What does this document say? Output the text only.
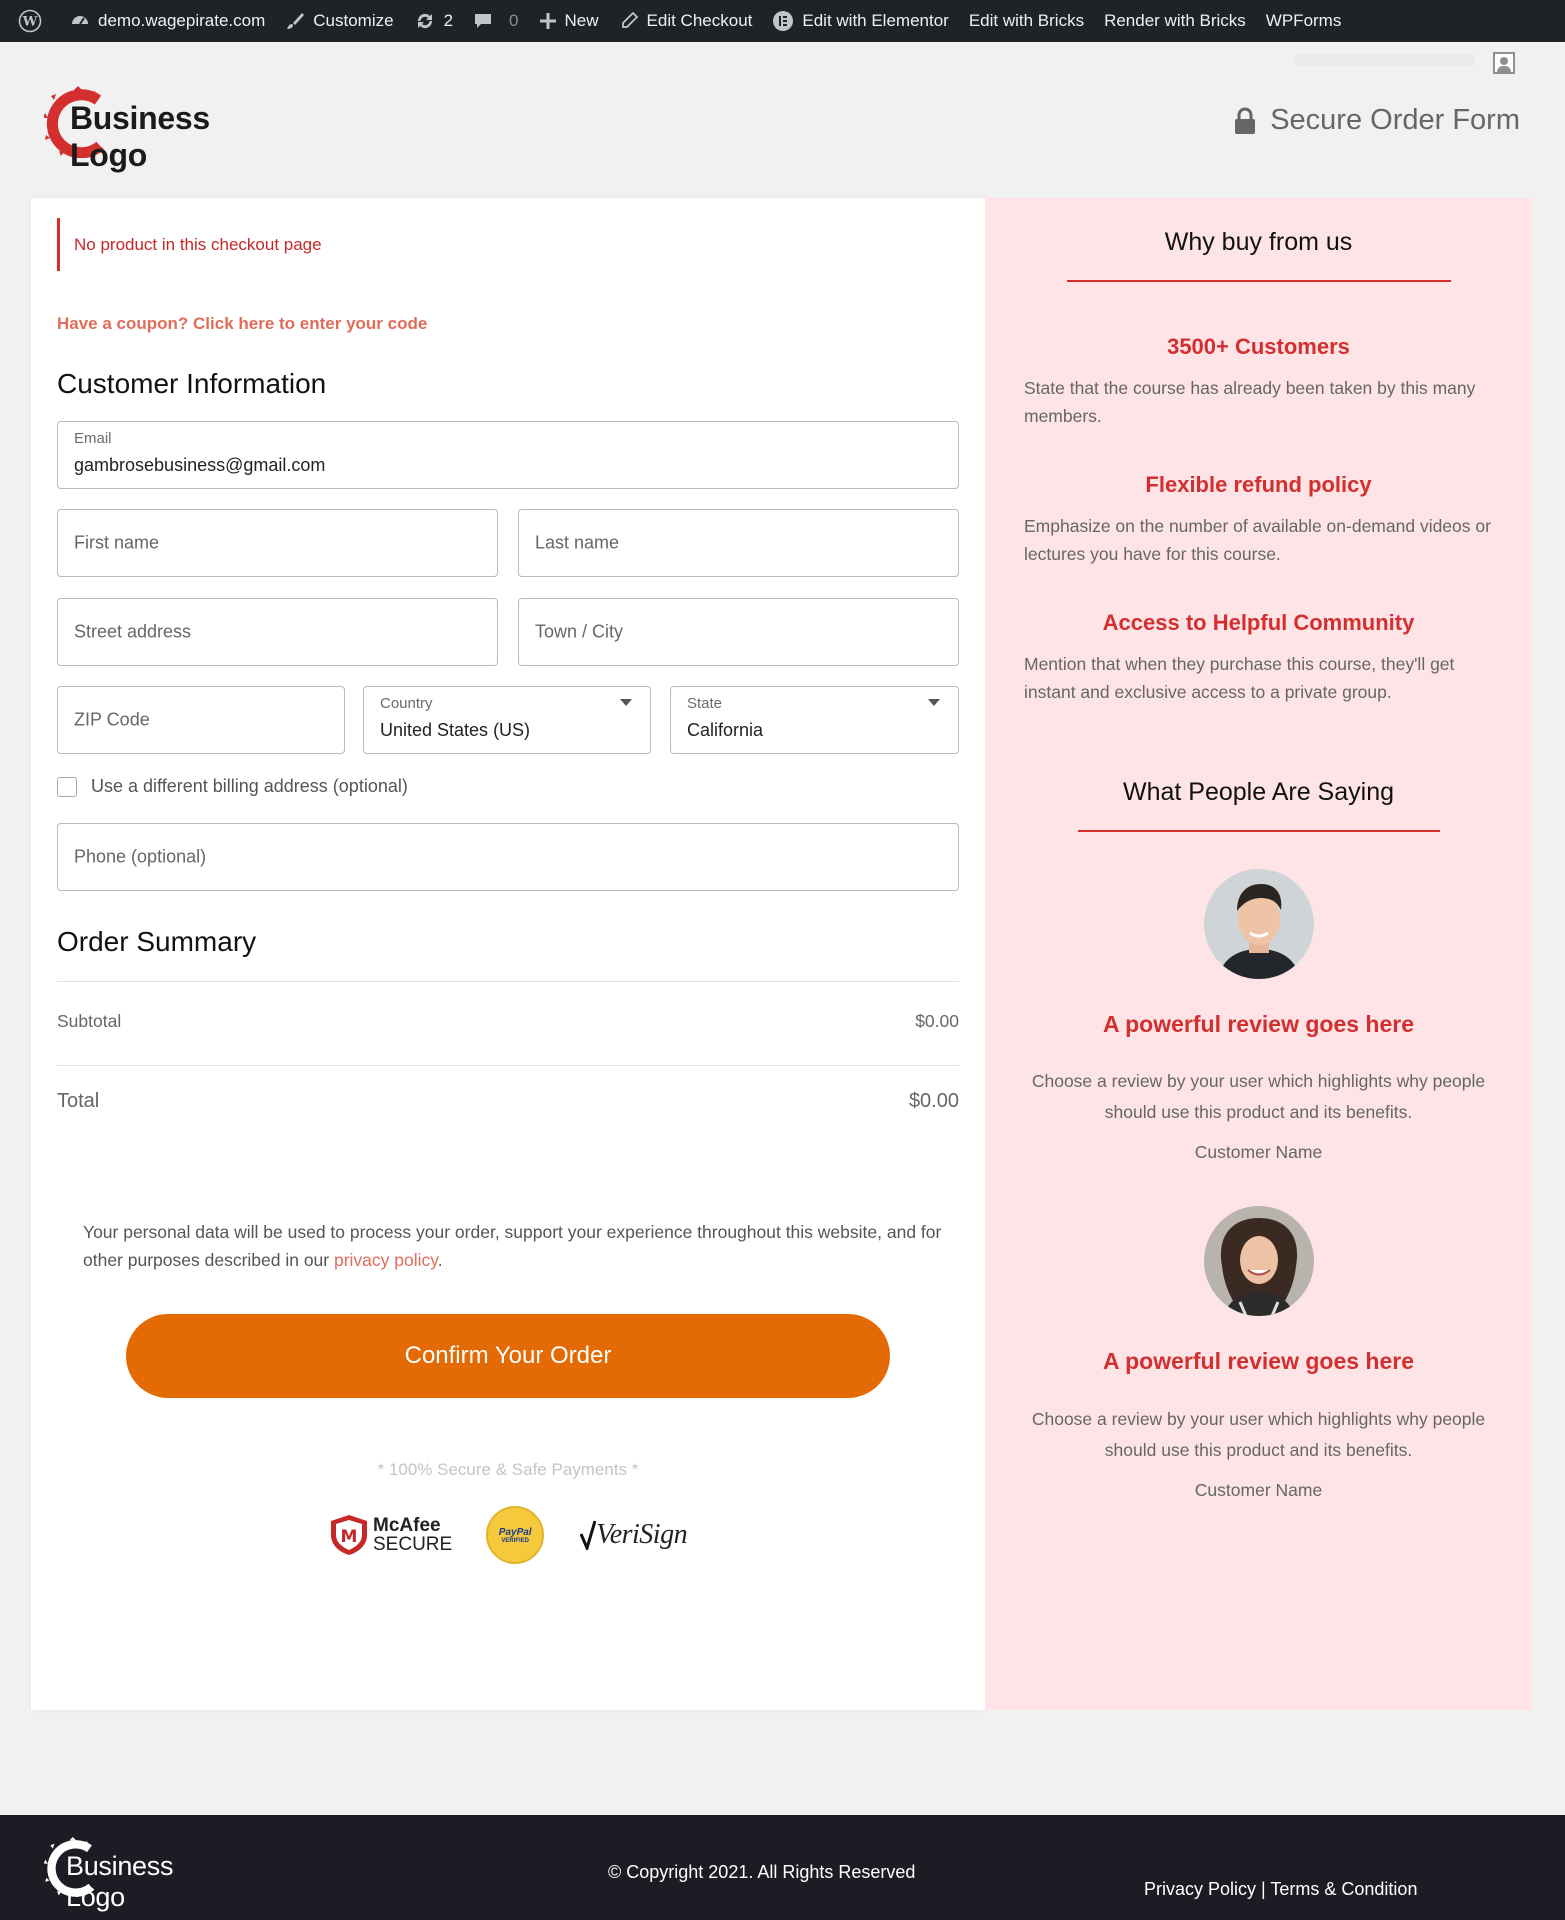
W	demo.wagepirate.com	Customize	2	0	New	Edit Checkout	Edit with Elementor Edit with Bricks Render with Bricks WPForms
Business Logo
Secure Order Form
No product in this checkout page
Have a coupon? Click here to enter your code
Customer Information
Email
gambrosebusiness@gmail.com
First name	Last name
Street address	Town / City
ZIP Code
Country
United States (US)
State
California
Use a different billing address (optional)
Phone (optional)
Order Summary
Subtotal	$0.00
Total	$0.00
Your personal data will be used to process your order, support your experience throughout this website, and for other purposes described in our privacy policy.
Confirm Your Order
* 100% Secure & Safe Payments *
M
McAfee
SECURE
PayPal
VERIFIED VeriSign
Why buy from us
3500+ Customers
State that the course has already been taken by this many members.
Flexible refund policy
Emphasize on the number of available on-demand videos or lectures you have for this course.
Access to Helpful Community
Mention that when they purchase this course, they'll get instant and exclusive access to a private group.
What People Are Saying
A powerful review goes here
Choose a review by your user which highlights why people should use this product and its benefits.
Customer Name
A powerful review goes here
Choose a review by your user which highlights why people should use this product and its benefits.
Customer Name
Business Logo
© Copyright 2021. All Rights Reserved
Privacy Policy | Terms & Condition
